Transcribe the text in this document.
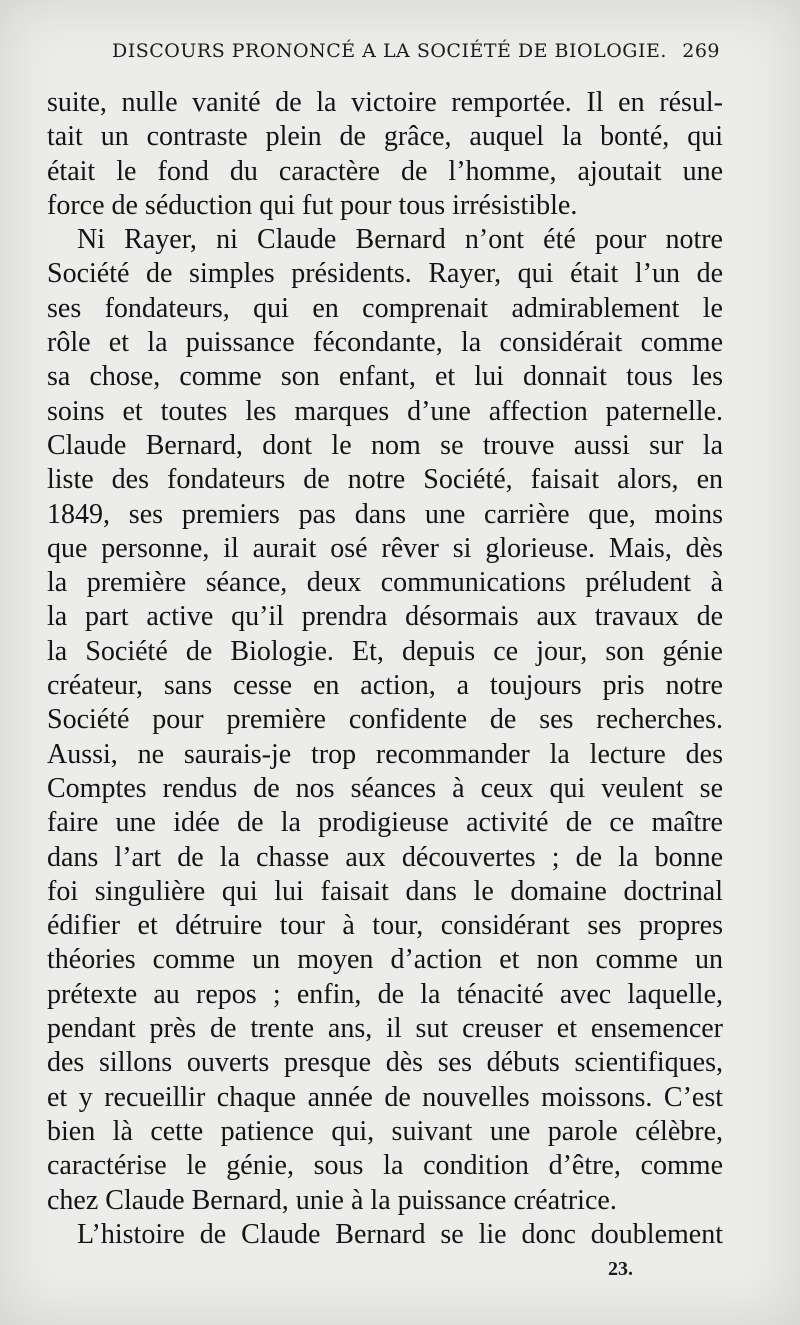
DISCOURS PRONONCÉ A LA SOCIÉTÉ DE BIOLOGIE. 269
suite, nulle vanité de la victoire remportée. Il en résul-
tait un contraste plein de grâce, auquel la bonté, qui
était le fond du caractère de l’homme, ajoutait une
force de séduction qui fut pour tous irrésistible.
Ni Rayer, ni Claude Bernard n’ont été pour notre
Société de simples présidents. Rayer, qui était l’un de
ses fondateurs, qui en comprenait admirablement le
rôle et la puissance fécondante, la considérait comme
sa chose, comme son enfant, et lui donnait tous les
soins et toutes les marques d’une affection paternelle.
Claude Bernard, dont le nom se trouve aussi sur la
liste des fondateurs de notre Société, faisait alors, en
1849, ses premiers pas dans une carrière que, moins
que personne, il aurait osé rêver si glorieuse. Mais, dès
la première séance, deux communications préludent à
la part active qu’il prendra désormais aux travaux de
la Société de Biologie. Et, depuis ce jour, son génie
créateur, sans cesse en action, a toujours pris notre
Société pour première confidente de ses recherches.
Aussi, ne saurais-je trop recommander la lecture des
Comptes rendus de nos séances à ceux qui veulent se
faire une idée de la prodigieuse activité de ce maître
dans l’art de la chasse aux découvertes ; de la bonne
foi singulière qui lui faisait dans le domaine doctrinal
édifier et détruire tour à tour, considérant ses propres
théories comme un moyen d’action et non comme un
prétexte au repos ; enfin, de la ténacité avec laquelle,
pendant près de trente ans, il sut creuser et ensemencer
des sillons ouverts presque dès ses débuts scientifiques,
et y recueillir chaque année de nouvelles moissons. C’est
bien là cette patience qui, suivant une parole célèbre,
caractérise le génie, sous la condition d’être, comme
chez Claude Bernard, unie à la puissance créatrice.
L’histoire de Claude Bernard se lie donc doublement
23.
